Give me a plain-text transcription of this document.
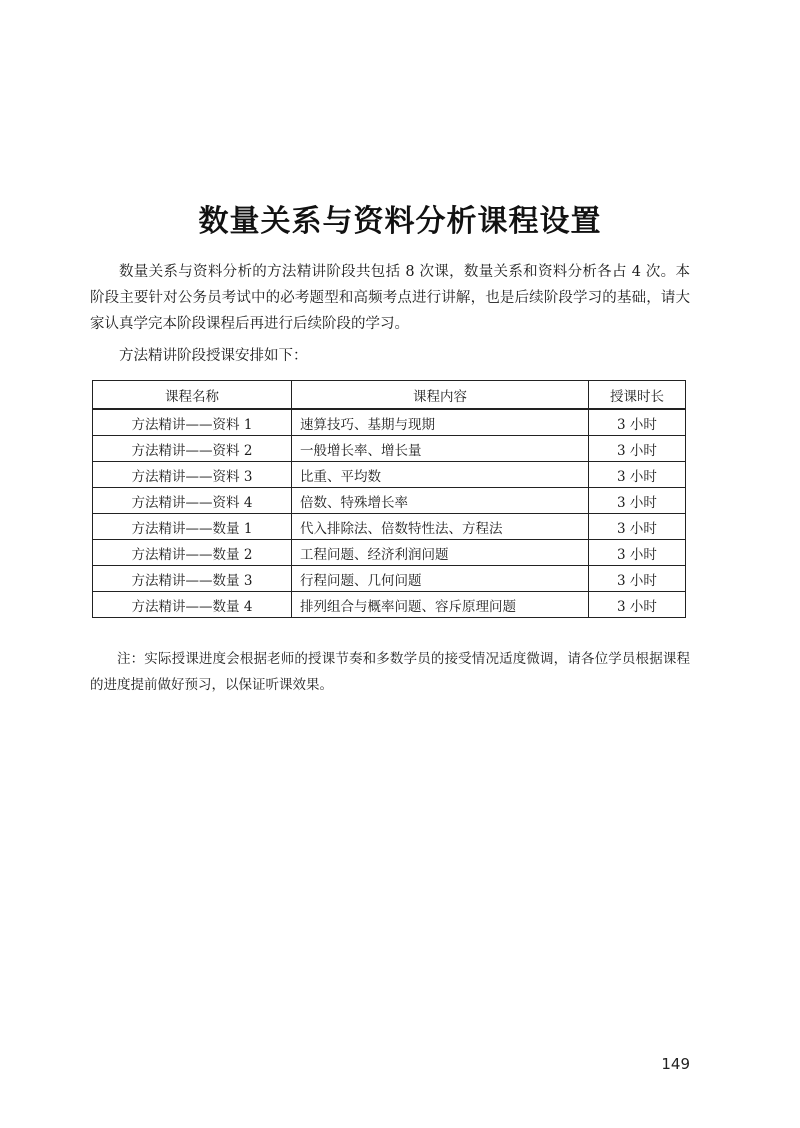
数量关系与资料分析课程设置

数量关系与资料分析的方法精讲阶段共包括 8 次课，数量关系和资料分析各占 4 次。本阶段主要针对公务员考试中的必考题型和高频考点进行讲解，也是后续阶段学习的基础，请大家认真学完本阶段课程后再进行后续阶段的学习。

方法精讲阶段授课安排如下：

课程名称	课程内容	授课时长
方法精讲——资料 1	速算技巧、基期与现期	3 小时
方法精讲——资料 2	一般增长率、增长量	3 小时
方法精讲——资料 3	比重、平均数	3 小时
方法精讲——资料 4	倍数、特殊增长率	3 小时
方法精讲——数量 1	代入排除法、倍数特性法、方程法	3 小时
方法精讲——数量 2	工程问题、经济利润问题	3 小时
方法精讲——数量 3	行程问题、几何问题	3 小时
方法精讲——数量 4	排列组合与概率问题、容斥原理问题	3 小时

注：实际授课进度会根据老师的授课节奏和多数学员的接受情况适度微调，请各位学员根据课程的进度提前做好预习，以保证听课效果。

149
